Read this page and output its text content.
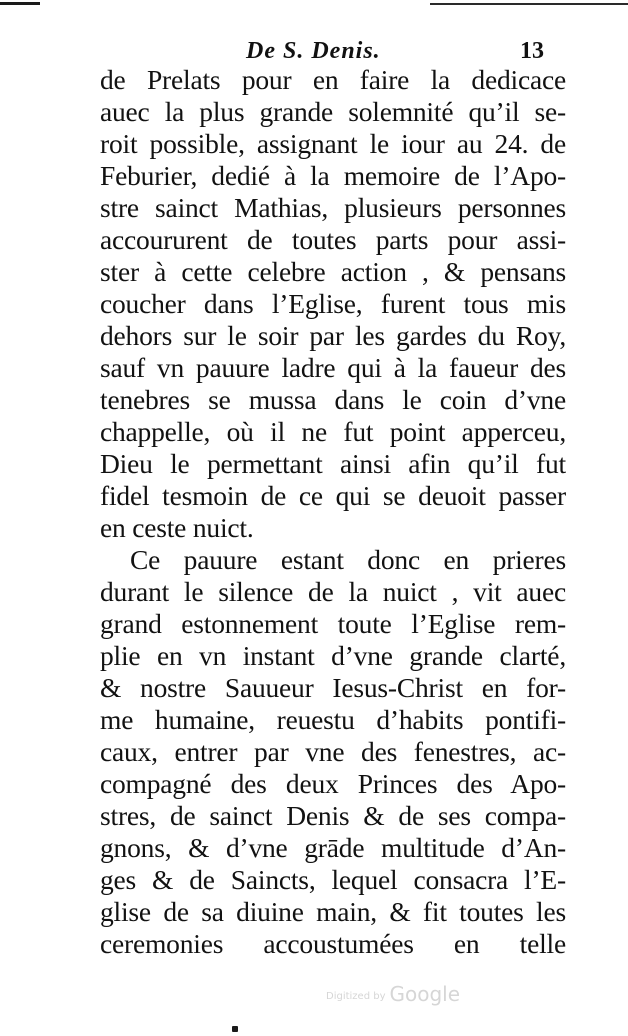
De S. Denis.	13
de Prelats pour en faire la dedicace
auec la plus grande solemnité qu’il se-
roit possible, assignant le iour au 24. de
Feburier, dedié à la memoire de l’Apo-
stre sainct Mathias, plusieurs personnes
accoururent de toutes parts pour assi-
ster à cette celebre action , & pensans
coucher dans l’Eglise, furent tous mis
dehors sur le soir par les gardes du Roy,
sauf vn pauure ladre qui à la faueur des
tenebres se mussa dans le coin d’vne
chappelle, où il ne fut point apperceu,
Dieu le permettant ainsi afin qu’il fut
fidel tesmoin de ce qui se deuoit passer
en ceste nuict.
Ce pauure estant donc en prieres
durant le silence de la nuict , vit auec
grand estonnement toute l’Eglise rem-
plie en vn instant d’vne grande clarté,
& nostre Sauueur Iesus-Christ en for-
me humaine, reuestu d’habits pontifi-
caux, entrer par vne des fenestres, ac-
compagné des deux Princes des Apo-
stres, de sainct Denis & de ses compa-
gnons, & d’vne grāde multitude d’An-
ges & de Saincts, lequel consacra l’E-
glise de sa diuine main, & fit toutes les
ceremonies accoustumées en telle
Digitized by Google
